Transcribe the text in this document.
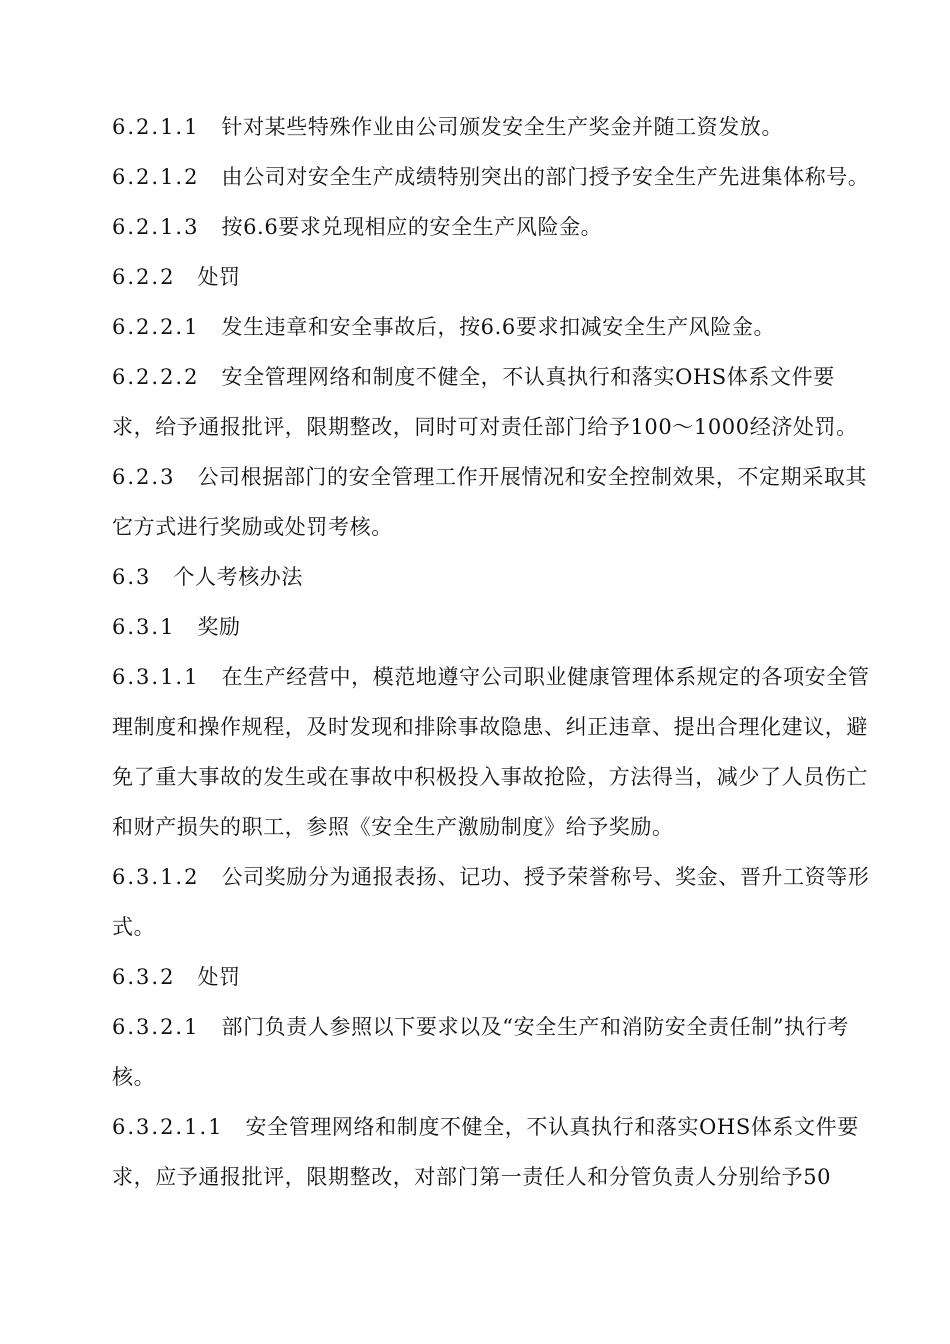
6.2.1.1 针对某些特殊作业由公司颁发安全生产奖金并随工资发放。

6.2.1.2 由公司对安全生产成绩特别突出的部门授予安全生产先进集体称号。

6.2.1.3 按6.6要求兑现相应的安全生产风险金。

6.2.2 处罚

6.2.2.1 发生违章和安全事故后，按6.6要求扣减安全生产风险金。

6.2.2.2 安全管理网络和制度不健全，不认真执行和落实OHS体系文件要求，给予通报批评，限期整改，同时可对责任部门给予100～1000经济处罚。

6.2.3 公司根据部门的安全管理工作开展情况和安全控制效果，不定期采取其它方式进行奖励或处罚考核。

6.3 个人考核办法

6.3.1 奖励

6.3.1.1 在生产经营中，模范地遵守公司职业健康管理体系规定的各项安全管理制度和操作规程，及时发现和排除事故隐患、纠正违章、提出合理化建议，避免了重大事故的发生或在事故中积极投入事故抢险，方法得当，减少了人员伤亡和财产损失的职工，参照《安全生产激励制度》给予奖励。

6.3.1.2 公司奖励分为通报表扬、记功、授予荣誉称号、奖金、晋升工资等形式。

6.3.2 处罚

6.3.2.1 部门负责人参照以下要求以及“安全生产和消防安全责任制”执行考核。

6.3.2.1.1 安全管理网络和制度不健全，不认真执行和落实OHS体系文件要求，应予通报批评，限期整改，对部门第一责任人和分管负责人分别给予50
